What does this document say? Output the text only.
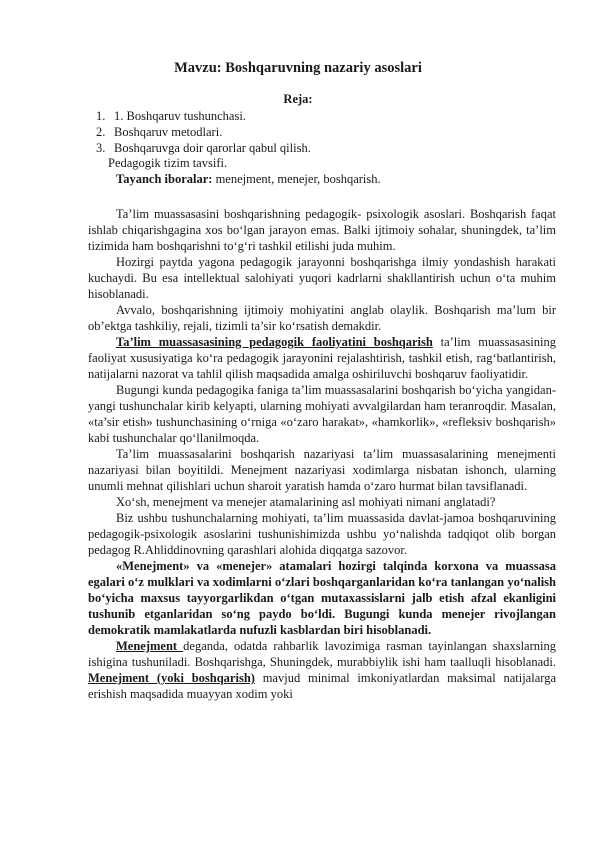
Mavzu: Boshqaruvning nazariy asoslari
Reja:
1. 1. Boshqaruv tushunchasi.
2. Boshqaruv metodlari.
3. Boshqaruvga doir qarorlar qabul qilish.
Pedagogik tizim tavsifi.
Tayanch iboralar: menejment, menejer, boshqarish.

Ta’lim muassasasini boshqarishning pedagogik- psixologik asoslari. Boshqarish faqat ishlab chiqarishgagina xos bo‘lgan jarayon emas. Balki ijtimoiy sohalar, shuningdek, ta’lim tizimida ham boshqarishni to‘g‘ri tashkil etilishi juda muhim.

Hozirgi paytda yagona pedagogik jarayonni boshqarishga ilmiy yondashish harakati kuchaydi. Bu esa intellektual salohiyati yuqori kadrlarni shakllantirish uchun o‘ta muhim hisoblanadi.

Avvalo, boshqarishning ijtimoiy mohiyatini anglab olaylik. Boshqarish ma’lum bir ob’ektga tashkiliy, rejali, tizimli ta’sir ko‘rsatish demakdir.

Ta’lim muassasasining pedagogik faoliyatini boshqarish ta’lim muassasasining faoliyat xususiyatiga ko‘ra pedagogik jarayonini rejalashtirish, tashkil etish, rag‘batlantirish, natijalarni nazorat va tahlil qilish maqsadida amalga oshiriluvchi boshqaruv faoliyatidir.

Bugungi kunda pedagogika faniga ta’lim muassasalarini boshqarish bo‘yicha yangidan-yangi tushunchalar kirib kelyapti, ularning mohiyati avvalgilardan ham teranroqdir. Masalan, «ta’sir etish» tushunchasining o‘rniga «o‘zaro harakat», «hamkorlik», «refleksiv boshqarish» kabi tushunchalar qo‘llanilmoqda.

Ta’lim muassasalarini boshqarish nazariyasi ta’lim muassasalarining menejmenti nazariyasi bilan boyitildi. Menejment nazariyasi xodimlarga nisbatan ishonch, ularning unumli mehnat qilishlari uchun sharoit yaratish hamda o‘zaro hurmat bilan tavsiflanadi.

Xo‘sh, menejment va menejer atamalarining asl mohiyati nimani anglatadi?

Biz ushbu tushunchalarning mohiyati, ta’lim muassasida davlat-jamoa boshqaruvining pedagogik-psixologik asoslarini tushunishimizda ushbu yo‘nalishda tadqiqot olib borgan pedagog R.Ahliddinovning qarashlari alohida diqqatga sazovor.

«Menejment» va «menejer» atamalari hozirgi talqinda korxona va muassasa egalari o‘z mulklari va xodimlarni o‘zlari boshqarganlaridan ko‘ra tanlangan yo‘nalish bo‘yicha maxsus tayyorgarlikdan o‘tgan mutaxassislarni jalb etish afzal ekanligini tushunib etganlaridan so‘ng paydo bo‘ldi. Bugungi kunda menejer rivojlangan demokratik mamlakatlarda nufuzli kasblardan biri hisoblanadi.

Menejment deganda, odatda rahbarlik lavozimiga rasman tayinlangan shaxslarning ishigina tushuniladi. Boshqarishga, Shuningdek, murabbiylik ishi ham taalluqli hisoblanadi. Menejment (yoki boshqarish) mavjud minimal imkoniyatlardan maksimal natijalarga erishish maqsadida muayyan xodim yoki
